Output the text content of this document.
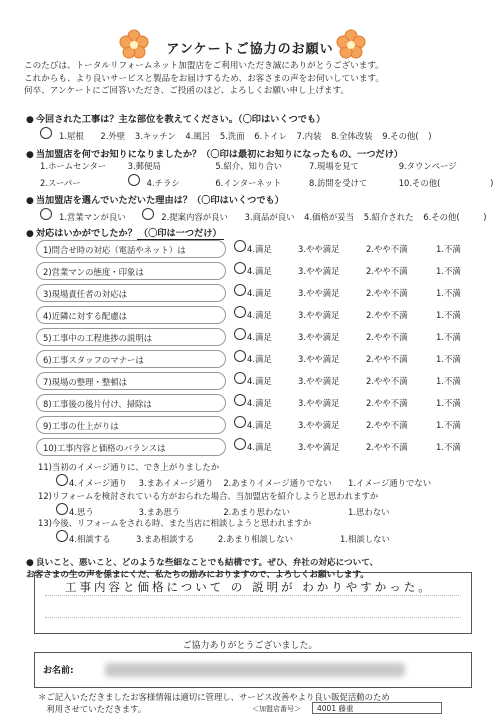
アンケートご協力のお願い
このたびは、トータルリフォームネット加盟店をご利用いただき誠にありがとうございます。
これからも、より良いサービスと製品をお届けするため、お客さまの声をお伺いしています。
何卒、アンケートにご回答いただき、ご投函のほど、よろしくお願い申し上げます。
● 今回された工事は？主な部位を教えてください。（〇印はいくつでも）
1.屋根 2.外壁 3.キッチン 4.風呂 5.洗面 6.トイレ 7.内装 8.全体改装 9.その他( )
● 当加盟店を何でお知りになりましたか？（〇印は最初にお知りになったもの、一つだけ）
1.ホームセンター	3.郵便局	5.紹介、知り合い	7.現場を見て	9.タウンページ
2.スーパー	4.チラシ	6.インターネット	8.訪問を受けて	10.その他(	)
● 当加盟店を選んでいただいた理由は？（〇印はいくつでも）
1.営業マンが良い	2.提案内容が良い 3.商品が良い 4.価格が妥当 5.紹介された 6.その他(	)
● 対応はいかがでしたか？ （〇印は一つだけ）
1)問合せ時の対応（電話やネット）は	4.満足	3.やや満足	2.やや不満	1.不満
2)営業マンの態度・印象は	4.満足	3.やや満足	2.やや不満	1.不満
3)現場責任者の対応は	4.満足	3.やや満足	2.やや不満	1.不満
4)近隣に対する配慮は	4.満足	3.やや満足	2.やや不満	1.不満
5)工事中の工程進捗の説明は	4.満足	3.やや満足	2.やや不満	1.不満
6)工事スタッフのマナーは	4.満足	3.やや満足	2.やや不満	1.不満
7)現場の整理・整頓は	4.満足	3.やや満足	2.やや不満	1.不満
8)工事後の後片付け、掃除は	4.満足	3.やや満足	2.やや不満	1.不満
9)工事の仕上がりは	4.満足	3.やや満足	2.やや不満	1.不満
10)工事内容と価格のバランスは	4.満足	3.やや満足	2.やや不満	1.不満
11)当初のイメージ通りに、でき上がりましたか
4.イメージ通り 3.まあイメージ通り 2.あまりイメージ通りでない 1.イメージ通りでない
12)リフォームを検討されている方がおられた場合、当加盟店を紹介しようと思われますか
4.思う	3.まあ思う	2.あまり思わない	1.思わない
13)今後、リフォームをされる時、また当店に相談しようと思われますか
工事内容と価格について の 説明が わかりやすかった。

● 良いこと、悪いこと、どのような些細なことでも結構です。ぜひ、弁社の対応について、
お客さまの生の声を係まにくだ、私たちの励みにおりますので、よろしくお願いします。

ご協力ありがとうございました。
お名前:
＊ご記入いただきましたお客様情報は適切に管理し、サービス改善やより良い販促活動のため
　利用させていただきます。	＜加盟店番号＞	4001 藤重
4.相談する	3.まあ相談する	2.あまり相談しない	1.相談しない
